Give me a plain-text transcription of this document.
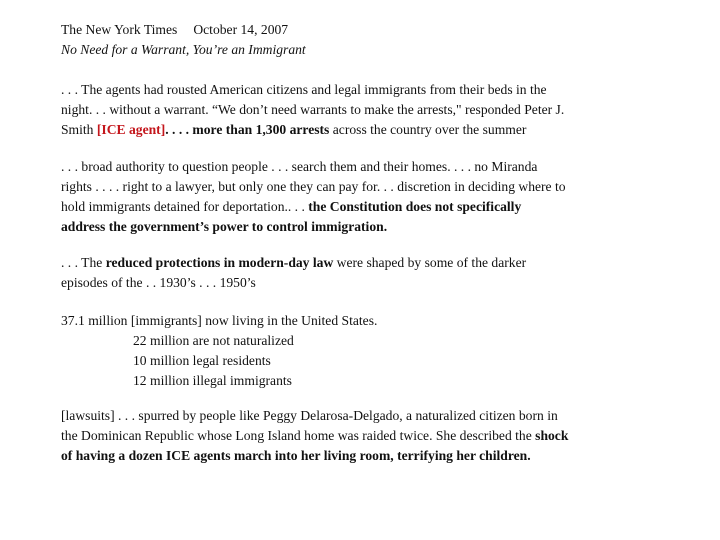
The New York Times October 14, 2007
No Need for a Warrant, You’re an Immigrant
. . . The agents had rousted American citizens and legal immigrants from their beds in the
night. . . without a warrant. “We don’t need warrants to make the arrests," responded Peter J.
Smith [ICE agent]. . . . more than 1,300 arrests across the country over the summer
. . . broad authority to question people . . . search them and their homes. . . . no Miranda
rights . . . . right to a lawyer, but only one they can pay for. . . discretion in deciding where to
hold immigrants detained for deportation.. . . the Constitution does not specifically
address the government’s power to control immigration.
. . . The reduced protections in modern-day law were shaped by some of the darker
episodes of the . . 1930’s . . . 1950’s
37.1 million [immigrants] now living in the United States.
22 million are not naturalized
10 million legal residents
12 million illegal immigrants
[lawsuits] . . . spurred by people like Peggy Delarosa-Delgado, a naturalized citizen born in
the Dominican Republic whose Long Island home was raided twice. She described the shock
of having a dozen ICE agents march into her living room, terrifying her children.
